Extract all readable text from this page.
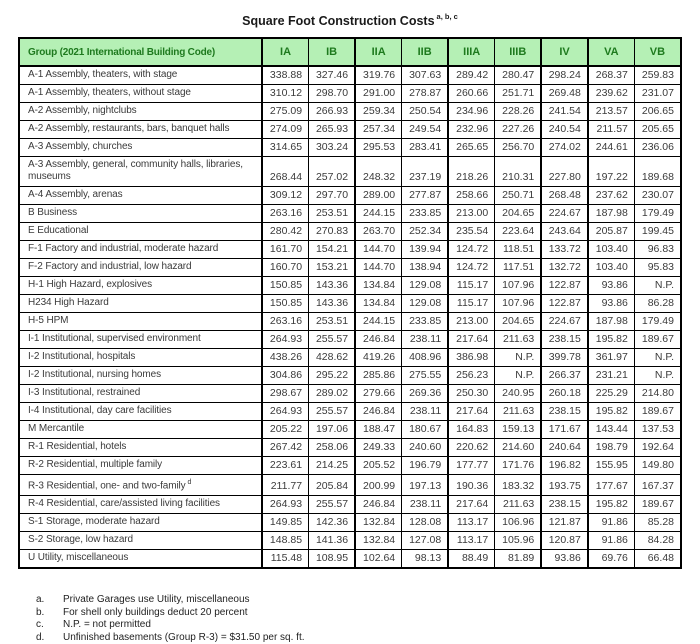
Square Foot Construction Costs $^{a, b, c}$
Group (2021 International Building Code)	IA	IB	IIA	IIB	IIIA	IIIB	IV	VA	VB
A-1 Assembly, theaters, with stage	338.88	327.46	319.76	307.63	289.42	280.47	298.24	268.37	259.83
A-1 Assembly, theaters, without stage	310.12	298.70	291.00	278.87	260.66	251.71	269.48	239.62	231.07
A-2 Assembly, nightclubs	275.09	266.93	259.34	250.54	234.96	228.26	241.54	213.57	206.65
A-2 Assembly, restaurants, bars, banquet halls	274.09	265.93	257.34	249.54	232.96	227.26	240.54	211.57	205.65
A-3 Assembly, churches	314.65	303.24	295.53	283.41	265.65	256.70	274.02	244.61	236.06
A-3 Assembly, general, community halls, libraries, museums	268.44	257.02	248.32	237.19	218.26	210.31	227.80	197.22	189.68
A-4 Assembly, arenas	309.12	297.70	289.00	277.87	258.66	250.71	268.48	237.62	230.07
B Business	263.16	253.51	244.15	233.85	213.00	204.65	224.67	187.98	179.49
E Educational	280.42	270.83	263.70	252.34	235.54	223.64	243.64	205.87	199.45
F-1 Factory and industrial, moderate hazard	161.70	154.21	144.70	139.94	124.72	118.51	133.72	103.40	96.83
F-2 Factory and industrial, low hazard	160.70	153.21	144.70	138.94	124.72	117.51	132.72	103.40	95.83
H-1 High Hazard, explosives	150.85	143.36	134.84	129.08	115.17	107.96	122.87	93.86	N.P.
H234 High Hazard	150.85	143.36	134.84	129.08	115.17	107.96	122.87	93.86	86.28
H-5 HPM	263.16	253.51	244.15	233.85	213.00	204.65	224.67	187.98	179.49
I-1 Institutional, supervised environment	264.93	255.57	246.84	238.11	217.64	211.63	238.15	195.82	189.67
I-2 Institutional, hospitals	438.26	428.62	419.26	408.96	386.98	N.P.	399.78	361.97	N.P.
I-2 Institutional, nursing homes	304.86	295.22	285.86	275.55	256.23	N.P.	266.37	231.21	N.P.
I-3 Institutional, restrained	298.67	289.02	279.66	269.36	250.30	240.95	260.18	225.29	214.80
I-4 Institutional, day care facilities	264.93	255.57	246.84	238.11	217.64	211.63	238.15	195.82	189.67
M Mercantile	205.22	197.06	188.47	180.67	164.83	159.13	171.67	143.44	137.53
R-1 Residential, hotels	267.42	258.06	249.33	240.60	220.62	214.60	240.64	198.79	192.64
R-2 Residential, multiple family	223.61	214.25	205.52	196.79	177.77	171.76	196.82	155.95	149.80
R-3 Residential, one- and two-family $^d$	211.77	205.84	200.99	197.13	190.36	183.32	193.75	177.67	167.37
R-4 Residential, care/assisted living facilities	264.93	255.57	246.84	238.11	217.64	211.63	238.15	195.82	189.67
S-1 Storage, moderate hazard	149.85	142.36	132.84	128.08	113.17	106.96	121.87	91.86	85.28
S-2 Storage, low hazard	148.85	141.36	132.84	127.08	113.17	105.96	120.87	91.86	84.28
U Utility, miscellaneous	115.48	108.95	102.64	98.13	88.49	81.89	93.86	69.76	66.48
a.	Private Garages use Utility, miscellaneous
b.	For shell only buildings deduct 20 percent
c.	N.P. = not permitted
d.	Unfinished basements (Group R-3) = $31.50 per sq. ft.
